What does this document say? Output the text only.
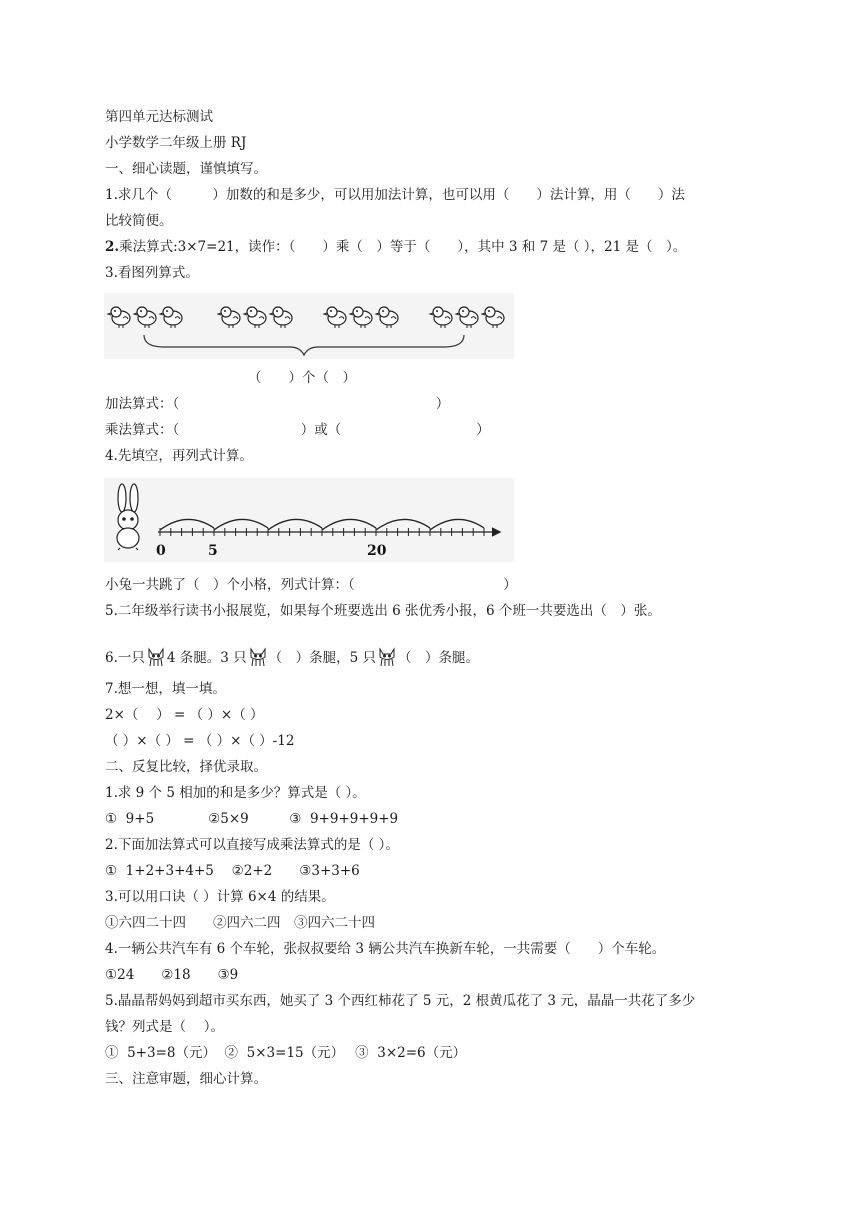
第四单元达标测试
小学数学二年级上册 RJ
一、细心读题，谨慎填写。
1.求几个（　　　）加数的和是多少，可以用加法计算，也可以用（　　）法计算，用（　　）法
比较简便。
2.乘法算式:3×7=21，读作：（　　）乘（　）等于（　　），其中 3 和 7 是（ ），21 是（　）。
3.看图列算式。
（　　）个（　）
加法算式：（　　　　　　　　　　　　　　　　　　　）
乘法算式：（　　　　　　　　　）或（　　　　　　　　　　）
4.先填空，再列式计算。
0	5	20
小兔一共跳了（　）个小格，列式计算：（　　　　　　　　　　　）
5.二年级举行读书小报展览，如果每个班要选出 6 张优秀小报，6 个班一共要选出（　）张。
6.一只 4 条腿。3 只 （　）条腿，5 只 （　）条腿。
7.想一想，填一填。
2×（　 ） = （ ）×（ ）
（ ）×（ ） = （ ）×（ ）-12
二、反复比较，择优录取。
1.求 9 个 5 相加的和是多少？算式是（ ）。
①  9+5　　　　②5×9　　　③  9+9+9+9+9
2.下面加法算式可以直接写成乘法算式的是（ ）。
①  1+2+3+4+5　 ②2+2　　③3+3+6
3.可以用口诀（ ）计算 6×4 的结果。
①六四二十四　　②四六二四　③四六二十四
4.一辆公共汽车有 6 个车轮，张叔叔要给 3 辆公共汽车换新车轮，一共需要（　　）个车轮。
①24　　②18　　③9
5.晶晶帮妈妈到超市买东西，她买了 3 个西红柿花了 5 元，2 根黄瓜花了 3 元，晶晶一共花了多少
钱？列式是（　 ）。
①  5+3=8（元）  ②  5×3=15（元）　 ③  3×2=6（元）
三、注意审题，细心计算。
